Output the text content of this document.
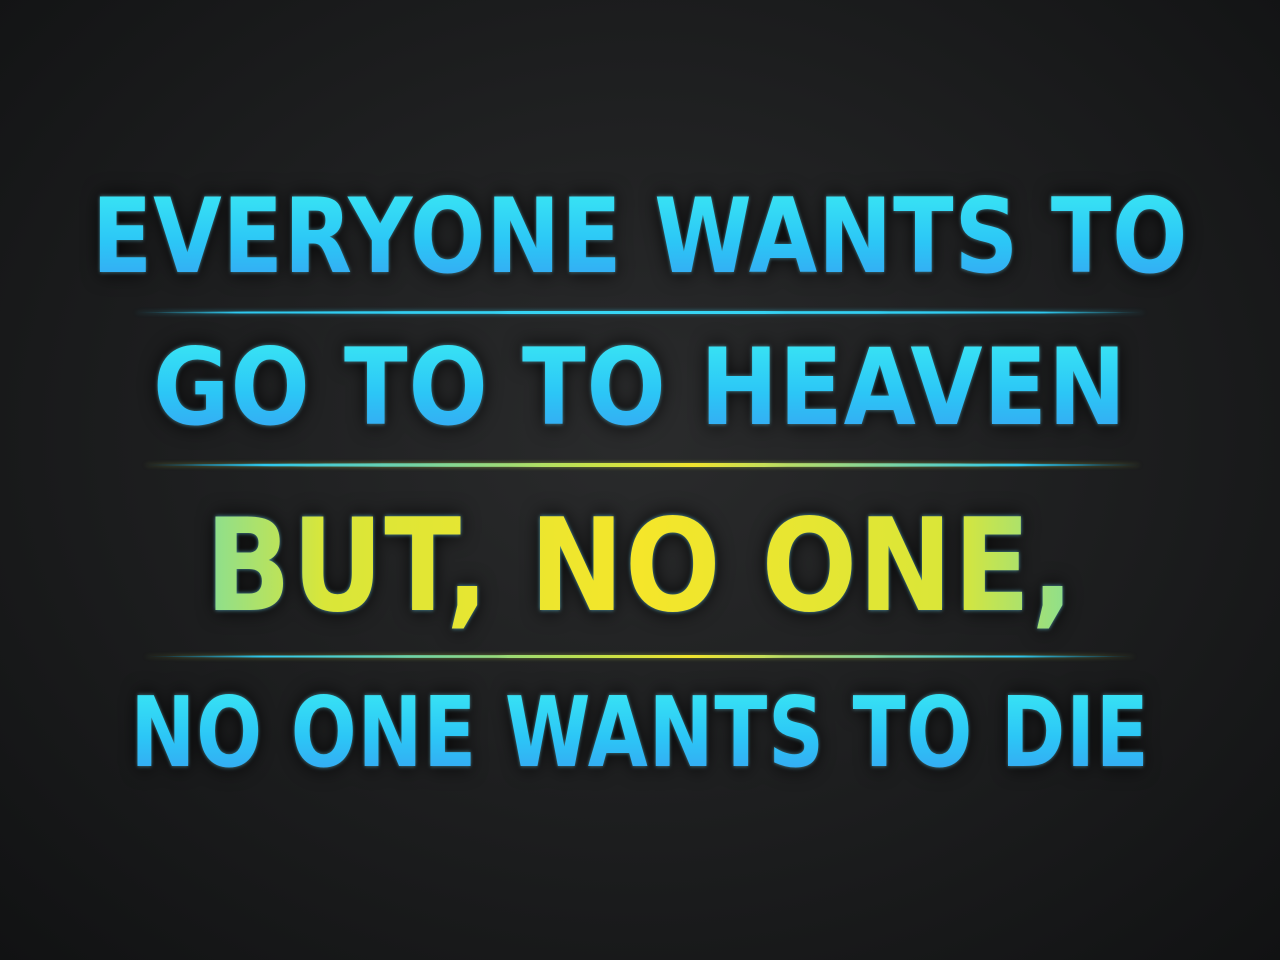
EVERYONE WANTS TO
GO TO TO HEAVEN
BUT, NO ONE,
NO ONE WANTS TO DIE
